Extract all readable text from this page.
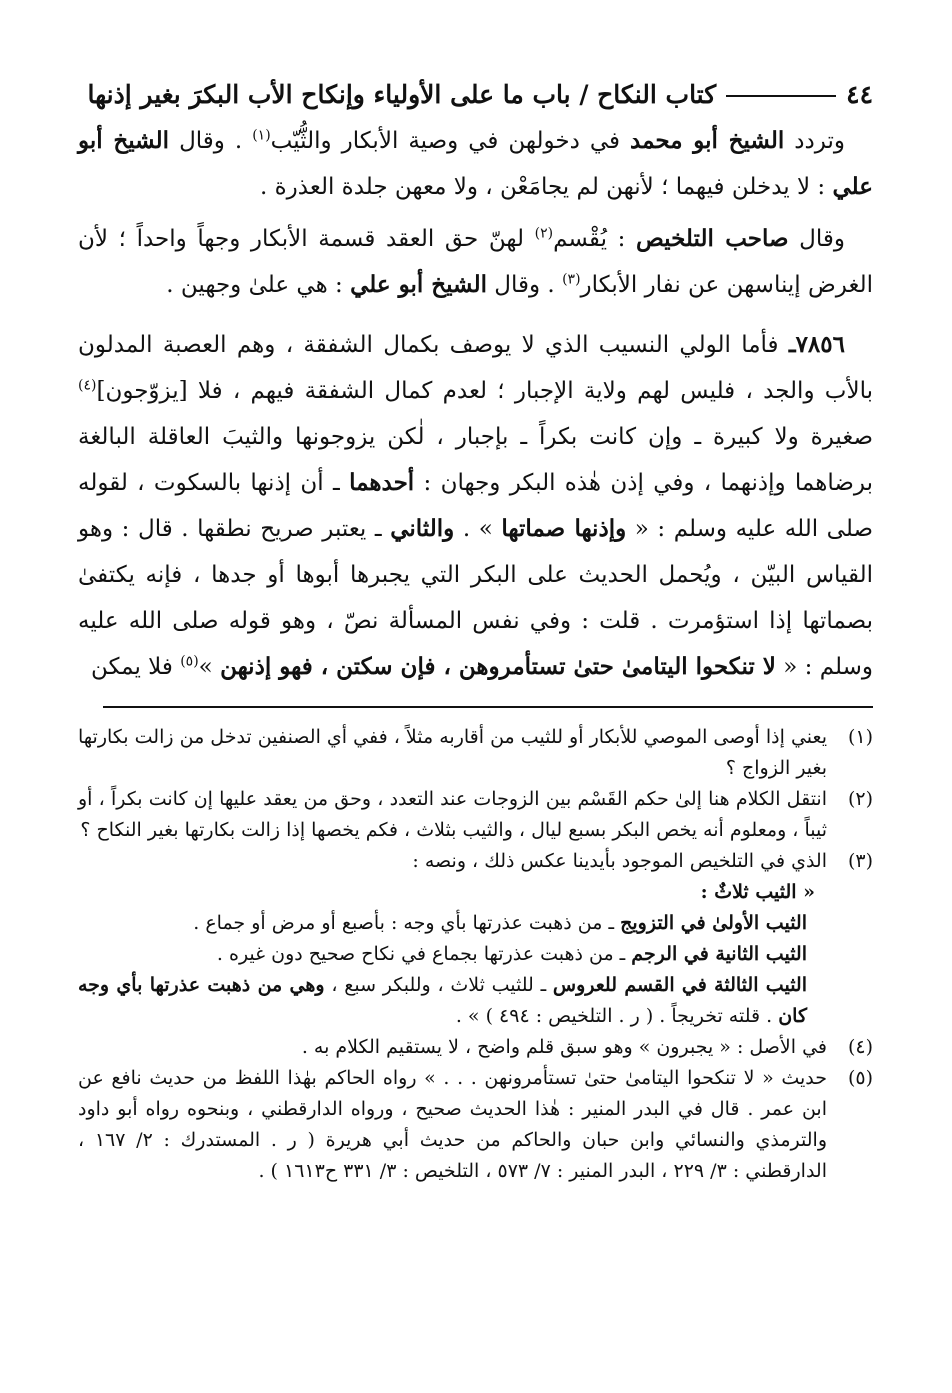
٤٤
كتاب النكاح / باب ما على الأولياء وإنكاح الأب البكرَ بغير إذنها

وتردد الشيخ أبو محمد في دخولهن في وصية الأبكار والثُّيّب$^{(١)}$ . وقال الشيخ أبو علي : لا يدخلن فيهما ؛ لأنهن لم يجامَعْن ، ولا معهن جلدة العذرة .

وقال صاحب التلخيص : يُقْسم$^{(٢)}$ لهنّ حق العقد قسمة الأبكار وجهاً واحداً ؛ لأن الغرض إيناسهن عن نفار الأبكار$^{(٣)}$ . وقال الشيخ أبو علي : هي علىٰ وجهين .

٧٨٥٦ـ فأما الولي النسيب الذي لا يوصف بكمال الشفقة ، وهم العصبة المدلون بالأب والجد ، فليس لهم ولاية الإجبار ؛ لعدم كمال الشفقة فيهم ، فلا [يزوّجون]$^{(٤)}$ صغيرة ولا كبيرة ـ وإن كانت بكراً ـ بإجبار ، لٰكن يزوجونها والثيبَ العاقلة البالغة برضاهما وإذنهما ، وفي إذن هٰذه البكر وجهان : أحدهما ـ أن إذنها بالسكوت ، لقوله صلى الله عليه وسلم : « وإذنها صماتها » . والثاني ـ يعتبر صريح نطقها . قال : وهو القياس البيّن ، ويُحمل الحديث على البكر التي يجبرها أبوها أو جدها ، فإنه يكتفىٰ بصماتها إذا استؤمرت . قلت : وفي نفس المسألة نصّ ، وهو قوله صلى الله عليه وسلم : « لا تنكحوا اليتامىٰ حتىٰ تستأمروهن ، فإن سكتن ، فهو إذنهن »$^{(٥)}$ فلا يمكن

(١)
يعني إذا أوصى الموصي للأبكار أو للثيب من أقاربه مثلاً ، ففي أي الصنفين تدخل من زالت بكارتها بغير الزواج ؟
(٢)
انتقل الكلام هنا إلىٰ حكم القَسْم بين الزوجات عند التعدد ، وحق من يعقد عليها إن كانت بكراً ، أو ثيباً ، ومعلوم أنه يخص البكر بسبع ليال ، والثيب بثلاث ، فكم يخصها إذا زالت بكارتها بغير النكاح ؟
(٣)
الذي في التلخيص الموجود بأيدينا عكس ذلك ، ونصه :
« الثيب ثلاثٌ :
الثيب الأولىٰ في التزويج ـ من ذهبت عذرتها بأي وجه : بأصبع أو مرض أو جماع .
الثيب الثانية في الرجم ـ من ذهبت عذرتها بجماع في نكاح صحيح دون غيره .
الثيب الثالثة في القسم للعروس ـ للثيب ثلاث ، وللبكر سبع ، وهي من ذهبت عذرتها بأي وجه كان . قلته تخريجاً . ( ر . التلخيص : ٤٩٤ ) » .
(٤)
في الأصل : « يجبرون » وهو سبق قلم واضح ، لا يستقيم الكلام به .
(٥)
حديث « لا تنكحوا اليتامىٰ حتىٰ تستأمرونهن . . . » رواه الحاكم بهٰذا اللفظ من حديث نافع عن ابن عمر . قال في البدر المنير : هٰذا الحديث صحيح ، ورواه الدارقطني ، وبنحوه رواه أبو داود والترمذي والنسائي وابن حبان والحاكم من حديث أبي هريرة ( ر . المستدرك : ٢/ ١٦٧ ، الدارقطني : ٣/ ٢٢٩ ، البدر المنير : ٧/ ٥٧٣ ، التلخيص : ٣/ ٣٣١ ح١٦١٣ ) .
